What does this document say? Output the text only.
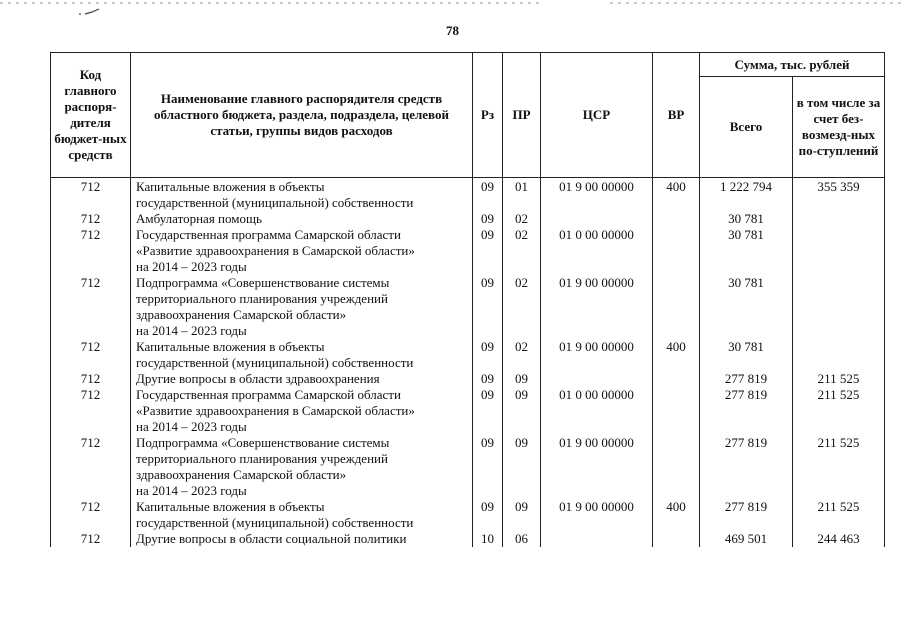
78
Код главного распоря-дителя бюджет-ных средств	Наименование главного распорядителя средств областного бюджета, раздела, подраздела, целевой статьи, группы видов расходов	Рз	ПР	ЦСР	ВР	Сумма, тыс. рублей	
						Всего	в том числе за счет без-возмезд-ных по-ступлений
712	Капитальные вложения в объекты
государственной (муниципальной) собственности	09	01	01 9 00 00000	400	1 222 794	355 359
712	Амбулаторная помощь	09	02			30 781	
712	Государственная программа Самарской области
«Развитие здравоохранения в Самарской области»
на 2014 – 2023 годы	09	02	01 0 00 00000		30 781	
712	Подпрограмма «Совершенствование системы
территориального планирования учреждений
здравоохранения Самарской области»
на 2014 – 2023 годы	09	02	01 9 00 00000		30 781	
712	Капитальные вложения в объекты
государственной (муниципальной) собственности	09	02	01 9 00 00000	400	30 781	
712	Другие вопросы в области здравоохранения	09	09			277 819	211 525
712	Государственная программа Самарской области
«Развитие здравоохранения в Самарской области»
на 2014 – 2023 годы	09	09	01 0 00 00000		277 819	211 525
712	Подпрограмма «Совершенствование системы
территориального планирования учреждений
здравоохранения Самарской области»
на 2014 – 2023 годы	09	09	01 9 00 00000		277 819	211 525
712	Капитальные вложения в объекты
государственной (муниципальной) собственности	09	09	01 9 00 00000	400	277 819	211 525
712	Другие вопросы в области социальной политики	10	06			469 501	244 463
